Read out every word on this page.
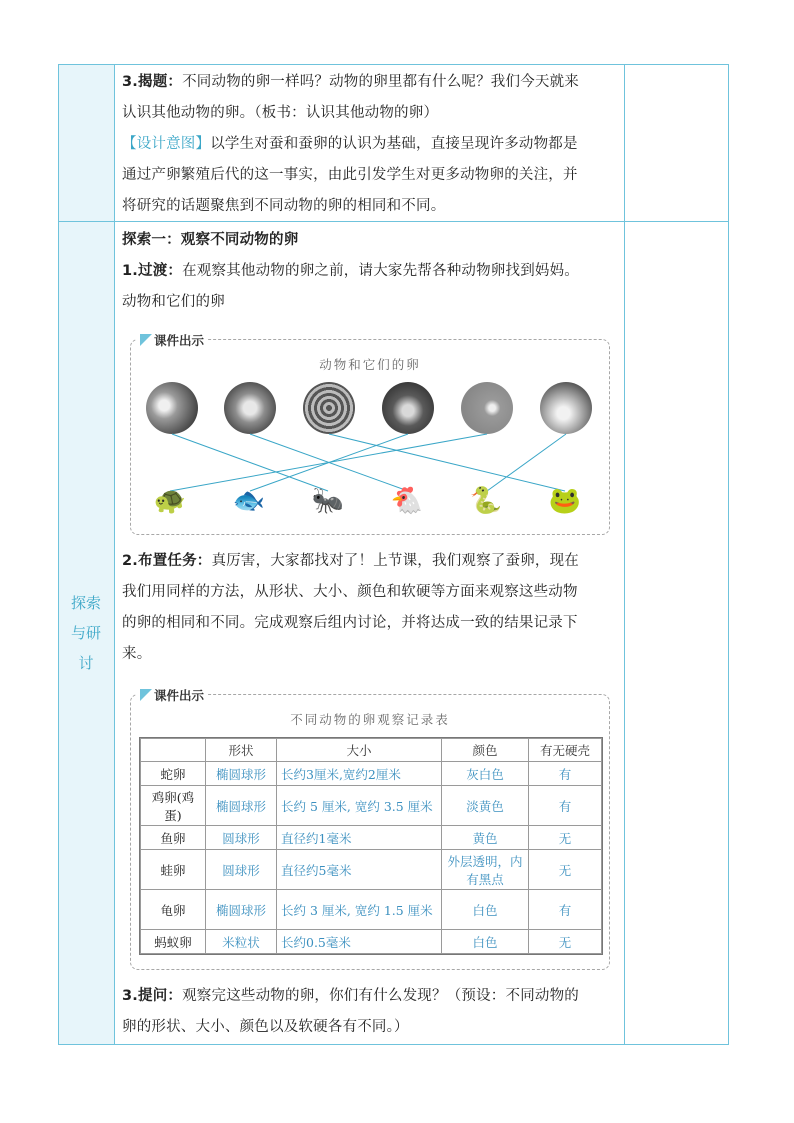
探索
与研
讨
3.揭题：不同动物的卵一样吗？动物的卵里都有什么呢？我们今天就来
认识其他动物的卵。（板书：认识其他动物的卵）
【设计意图】以学生对蚕和蚕卵的认识为基础，直接呈现许多动物都是
通过产卵繁殖后代的这一事实，由此引发学生对更多动物卵的关注，并
将研究的话题聚焦到不同动物的卵的相同和不同。
探索一：观察不同动物的卵
1.过渡：在观察其他动物的卵之前，请大家先帮各种动物卵找到妈妈。
动物和它们的卵
课件出示
动物和它们的卵
🐢 🐟 🐜 🐔 🐍 🐸
2.布置任务：真厉害，大家都找对了！上节课，我们观察了蚕卵，现在
我们用同样的方法，从形状、大小、颜色和软硬等方面来观察这些动物
的卵的相同和不同。完成观察后组内讨论，并将达成一致的结果记录下
来。
课件出示
不同动物的卵观察记录表
	形状	大小	颜色	有无硬壳
蛇卵	椭圆球形	长约3厘米,宽约2厘米	灰白色	有
鸡卵(鸡蛋)	椭圆球形	长约 5 厘米, 宽约 3.5 厘米	淡黄色	有
鱼卵	圆球形	直径约1毫米	黄色	无
蛙卵	圆球形	直径约5毫米	外层透明，内有黑点	无
龟卵	椭圆球形	长约 3 厘米, 宽约 1.5 厘米	白色	有
蚂蚁卵	米粒状	长约0.5毫米	白色	无
3.提问：观察完这些动物的卵，你们有什么发现？（预设：不同动物的
卵的形状、大小、颜色以及软硬各有不同。）
